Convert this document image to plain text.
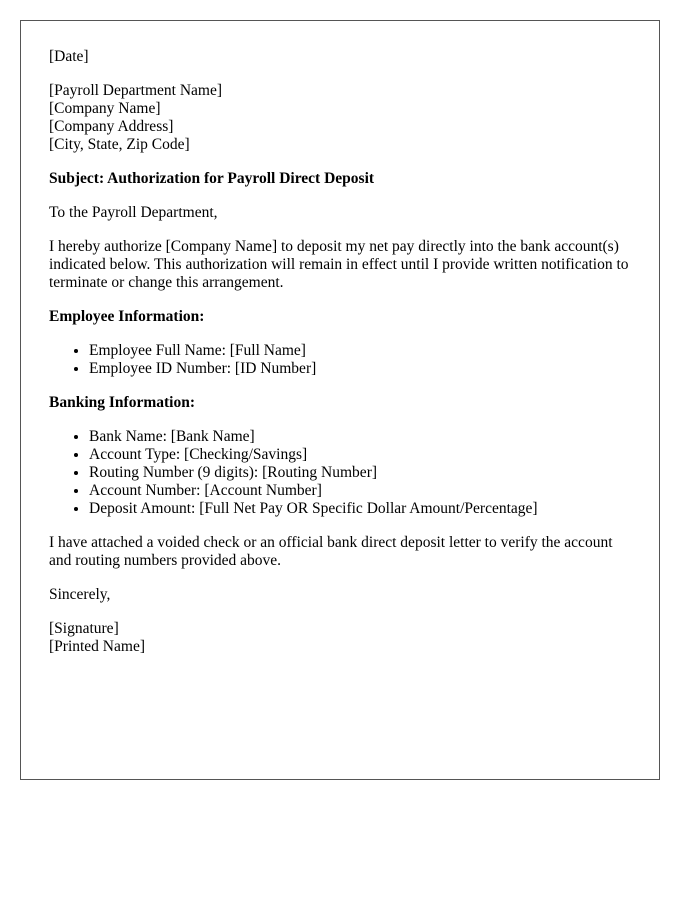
[Date]

[Payroll Department Name]

[Company Name]

[Company Address]

[City, State, Zip Code]

Subject: Authorization for Payroll Direct Deposit

To the Payroll Department,

I hereby authorize [Company Name] to deposit my net pay directly into the bank account(s) indicated below. This authorization will remain in effect until I provide written notification to terminate or change this arrangement.

Employee Information:

• Employee Full Name: [Full Name]
• Employee ID Number: [ID Number]

Banking Information:

• Bank Name: [Bank Name]
• Account Type: [Checking/Savings]
• Routing Number (9 digits): [Routing Number]
• Account Number: [Account Number]
• Deposit Amount: [Full Net Pay OR Specific Dollar Amount/Percentage]

I have attached a voided check or an official bank direct deposit letter to verify the account and routing numbers provided above.

Sincerely,

[Signature]

[Printed Name]
